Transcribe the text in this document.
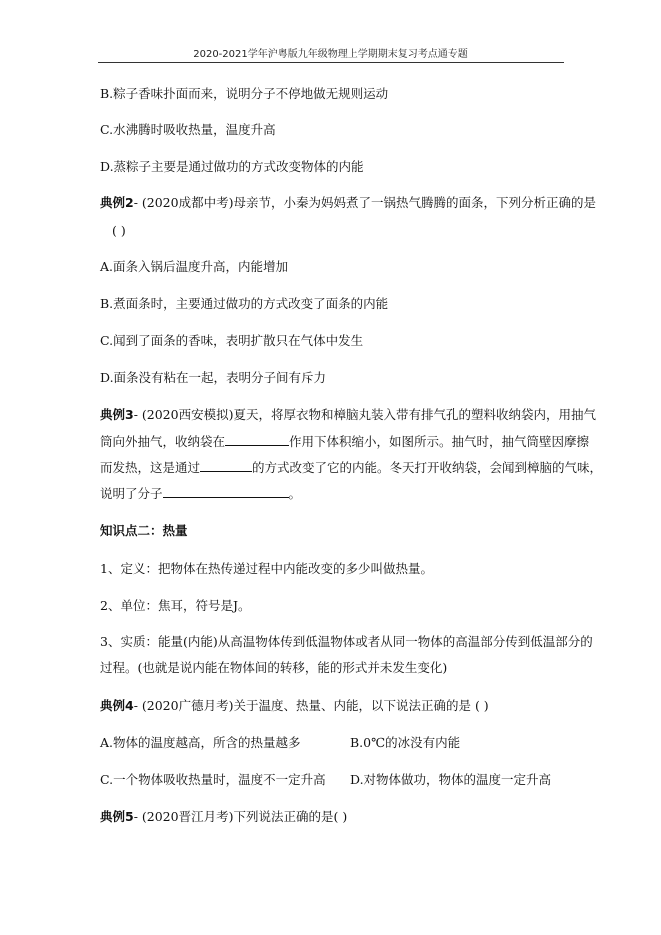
2020-2021学年沪粤版九年级物理上学期期末复习考点通专题
B.粽子香味扑面而来，说明分子不停地做无规则运动
C.水沸腾时吸收热量，温度升高
D.蒸粽子主要是通过做功的方式改变物体的内能
典例2- (2020成都中考)母亲节，小秦为妈妈煮了一锅热气腾腾的面条，下列分析正确的是
( )
A.面条入锅后温度升高，内能增加
B.煮面条时，主要通过做功的方式改变了面条的内能
C.闻到了面条的香味，表明扩散只在气体中发生
D.面条没有粘在一起，表明分子间有斥力
典例3- (2020西安模拟)夏天，将厚衣物和樟脑丸装入带有排气孔的塑料收纳袋内，用抽气
筒向外抽气，收纳袋在	作用下体积缩小，如图所示。抽气时，抽气筒壁因摩擦
而发热，这是通过	的方式改变了它的内能。冬天打开收纳袋，会闻到樟脑的气味，
说明了分子	。
知识点二：热量
1、定义：把物体在热传递过程中内能改变的多少叫做热量。
2、单位：焦耳，符号是J。
3、实质：能量(内能)从高温物体传到低温物体或者从同一物体的高温部分传到低温部分的
过程。(也就是说内能在物体间的转移，能的形式并未发生变化)
典例4- (2020广德月考)关于温度、热量、内能，以下说法正确的是 ( )
A.物体的温度越高，所含的热量越多	B.0℃的冰没有内能
C.一个物体吸收热量时，温度不一定升高 D.对物体做功，物体的温度一定升高
典例5- (2020晋江月考)下列说法正确的是( )
